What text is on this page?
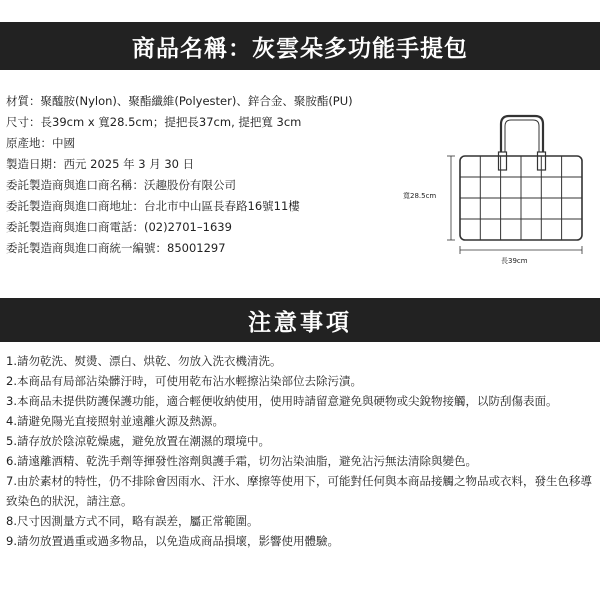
商品名稱：灰雲朵多功能手提包
材質：聚醯胺(Nylon)、聚酯纖維(Polyester)、鋅合金、聚胺酯(PU)
尺寸：長39cm x 寬28.5cm；提把長37cm, 提把寬 3cm
原產地：中國
製造日期：西元 2025 年 3 月 30 日
委託製造商與進口商名稱：沃趣股份有限公司
委託製造商與進口商地址：台北市中山區長春路16號11樓
委託製造商與進口商電話：(02)2701–1639
委託製造商與進口商統一編號：85001297
寬28.5cm
長39cm
注意事項
1.請勿乾洗、熨燙、漂白、烘乾、勿放入洗衣機清洗。
2.本商品有局部沾染髒汙時，可使用乾布沾水輕擦沾染部位去除污漬。
3.本商品未提供防護保護功能，適合輕便收納使用，使用時請留意避免與硬物或尖銳物接觸，以防刮傷表面。
4.請避免陽光直接照射並遠離火源及熱源。
5.請存放於陰涼乾燥處，避免放置在潮濕的環境中。
6.請遠離酒精、乾洗手劑等揮發性溶劑與護手霜，切勿沾染油脂，避免沾污無法清除與變色。
7.由於素材的特性，仍不排除會因雨水、汗水、摩擦等使用下，可能對任何與本商品接觸之物品或衣料，發生色移導致染色的狀況，請注意。
8.尺寸因測量方式不同，略有誤差，屬正常範圍。
9.請勿放置過重或過多物品，以免造成商品損壞，影響使用體驗。
